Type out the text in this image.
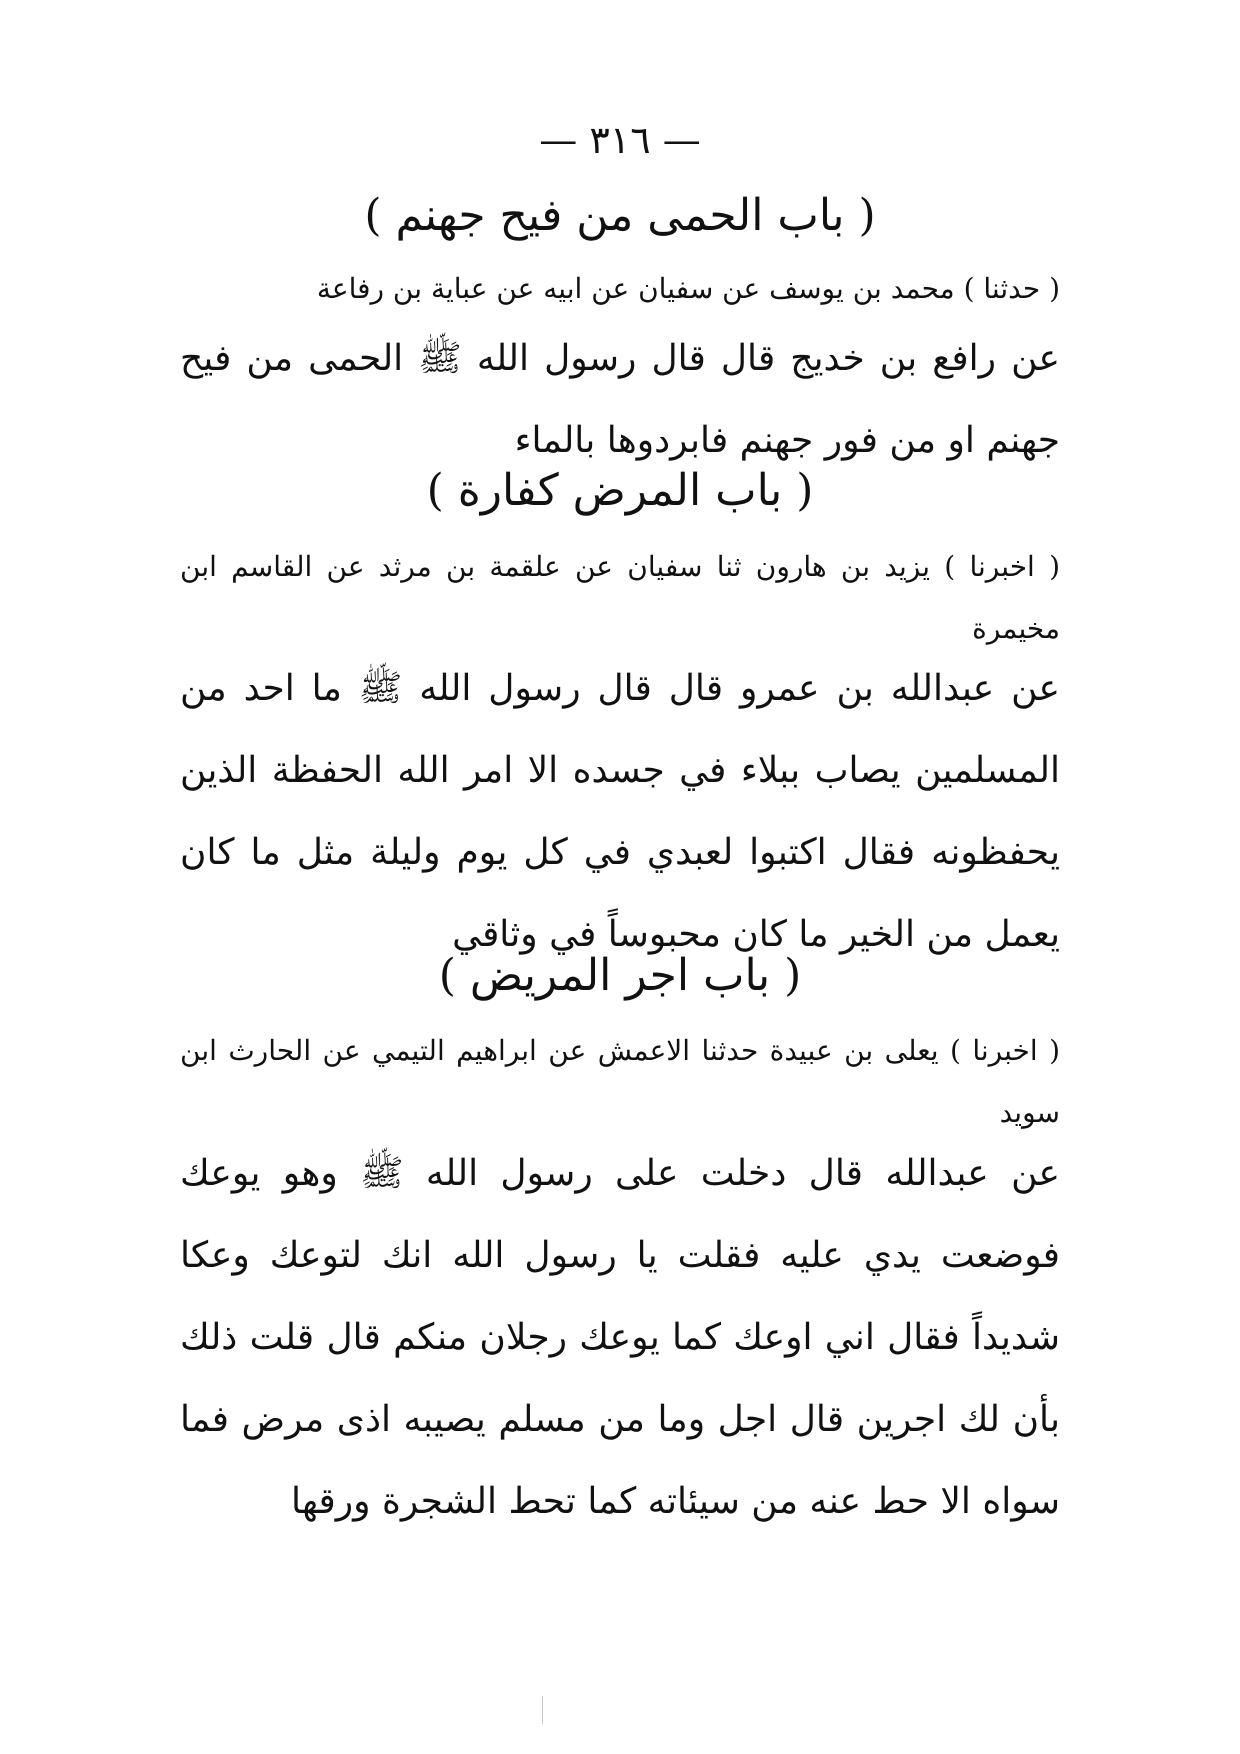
— ٣١٦ —
( باب الحمى من فيح جهنم )
( حدثنا ) محمد بن يوسف عن سفيان عن ابيه عن عباية بن رفاعة
عن رافع بن خديج قال قال رسول الله ﷺ الحمى من فيح جهنم او من فور جهنم فابردوها بالماء
( باب المرض كفارة )
( اخبرنا ) يزيد بن هارون ثنا سفيان عن علقمة بن مرثد عن القاسم ابن مخيمرة
عن عبدالله بن عمرو قال قال رسول الله ﷺ ما احد من المسلمين يصاب ببلاء في جسده الا امر الله الحفظة الذين يحفظونه فقال اكتبوا لعبدي في كل يوم وليلة مثل ما كان يعمل من الخير ما كان محبوساً في وثاقي
( باب اجر المريض )
( اخبرنا ) يعلى بن عبيدة حدثنا الاعمش عن ابراهيم التيمي عن الحارث ابن سويد
عن عبدالله قال دخلت على رسول الله ﷺ وهو يوعك فوضعت يدي عليه فقلت يا رسول الله انك لتوعك وعكا شديداً فقال اني اوعك كما يوعك رجلان منكم قال قلت ذلك بأن لك اجرين قال اجل وما من مسلم يصيبه اذى مرض فما سواه الا حط عنه من سيئاته كما تحط الشجرة ورقها
